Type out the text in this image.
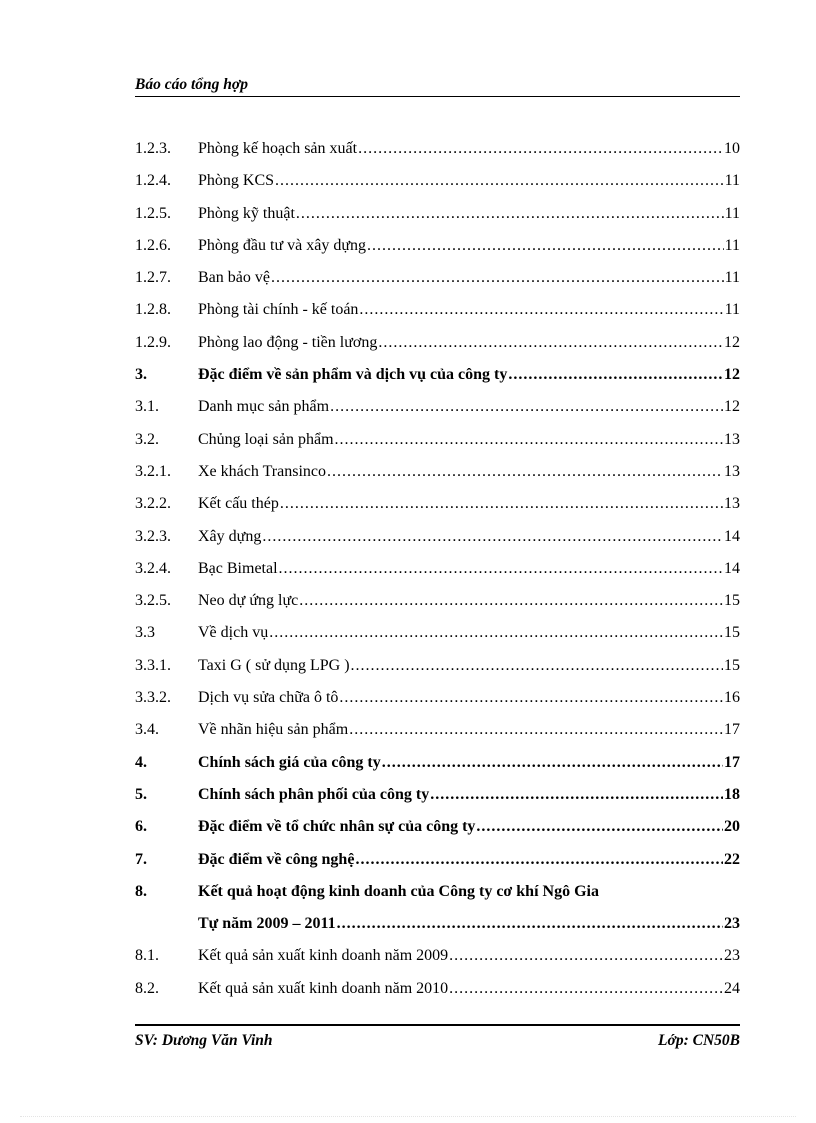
Báo cáo tổng hợp
1.2.3.	Phòng kế hoạch sản xuất .....	10
1.2.4.	Phòng KCS .....	11
1.2.5.	Phòng kỹ thuật .....	11
1.2.6.	Phòng đầu tư và xây dựng .....	11
1.2.7.	Ban bảo vệ .....	11
1.2.8.	Phòng tài chính - kế toán .....	11
1.2.9.	Phòng lao động - tiền lương .....	12
3.	Đặc điểm về sản phẩm và dịch vụ của công ty .....	12
3.1.	Danh mục sản phẩm .....	12
3.2.	Chủng loại sản phẩm .....	13
3.2.1.	Xe khách Transinco .....	13
3.2.2.	Kết cấu thép .....	13
3.2.3.	Xây dựng .....	14
3.2.4.	Bạc Bimetal .....	14
3.2.5.	Neo dự ứng lực .....	15
3.3	Về dịch vụ .....	15
3.3.1.	Taxi G ( sử dụng LPG ) .....	15
3.3.2.	Dịch vụ sửa chữa ô tô .....	16
3.4.	Về nhãn hiệu sản phẩm .....	17
4.	Chính sách giá của công ty .....	17
5.	Chính sách phân phối của công ty .....	18
6.	Đặc điểm về tổ chức nhân sự của công ty .....	20
7.	Đặc điểm về công nghệ .....	22
8.	Kết quả hoạt động kinh doanh của Công ty cơ khí Ngô Gia
Tự năm 2009 – 2011 .....	23
8.1.	Kết quả sản xuất kinh doanh năm 2009 .....	23
8.2.	Kết quả sản xuất kinh doanh năm 2010 .....	24
SV: Dương Văn Vinh	Lớp: CN50B
